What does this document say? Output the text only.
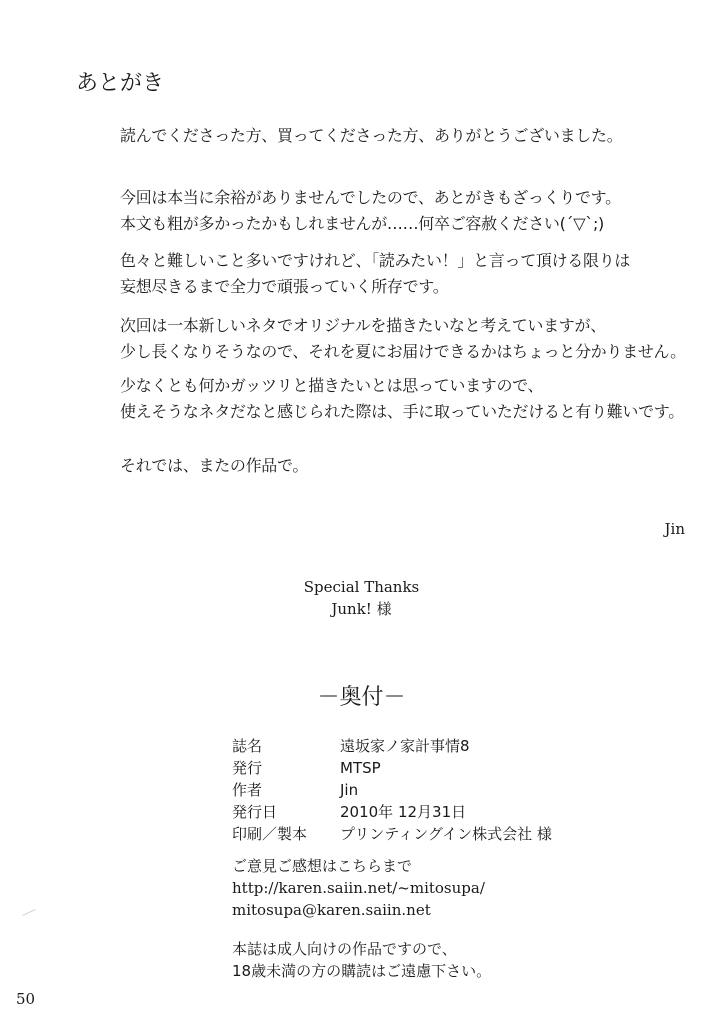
あとがき
読んでくださった方、買ってくださった方、ありがとうございました。
今回は本当に余裕がありませんでしたので、あとがきもざっくりです。
本文も粗が多かったかもしれませんが……何卒ご容赦ください(´▽`;)
色々と難しいこと多いですけれど、「読みたい！」と言って頂ける限りは
妄想尽きるまで全力で頑張っていく所存です。
次回は一本新しいネタでオリジナルを描きたいなと考えていますが、
少し長くなりそうなので、それを夏にお届けできるかはちょっと分かりません。
少なくとも何かガッツリと描きたいとは思っていますので、
使えそうなネタだなと感じられた際は、手に取っていただけると有り難いです。
それでは、またの作品で。
Jin
Special Thanks
Junk! 様
－奥付－
誌名	遠坂家ノ家計事情8
発行	MTSP
作者	Jin
発行日	2010年 12月31日
印刷／製本	プリンティングイン株式会社 様
ご意見ご感想はこちらまで
http://karen.saiin.net/~mitosupa/
mitosupa@karen.saiin.net
本誌は成人向けの作品ですので、
18歳未満の方の購読はご遠慮下さい。
50
